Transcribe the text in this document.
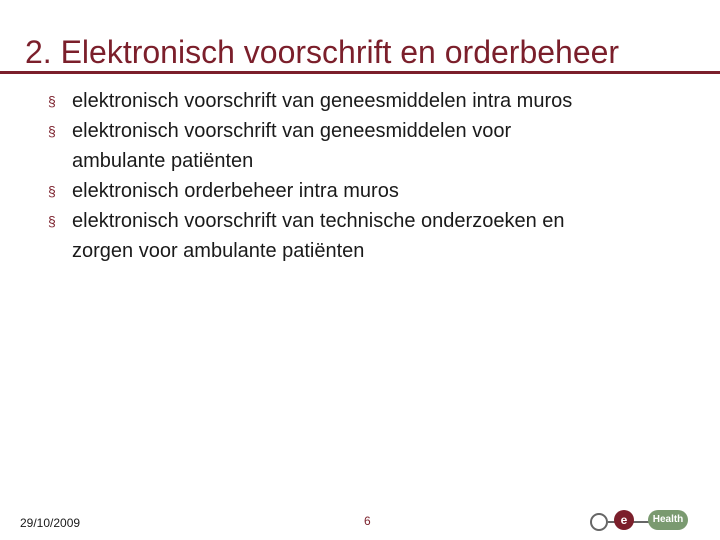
2. Elektronisch voorschrift en orderbeheer
§ elektronisch voorschrift van geneesmiddelen intra muros
§ elektronisch voorschrift van geneesmiddelen voor
ambulante patiënten
§ elektronisch orderbeheer intra muros
§ elektronisch voorschrift van technische onderzoeken en
zorgen voor ambulante patiënten
29/10/2009	6	e	Health
